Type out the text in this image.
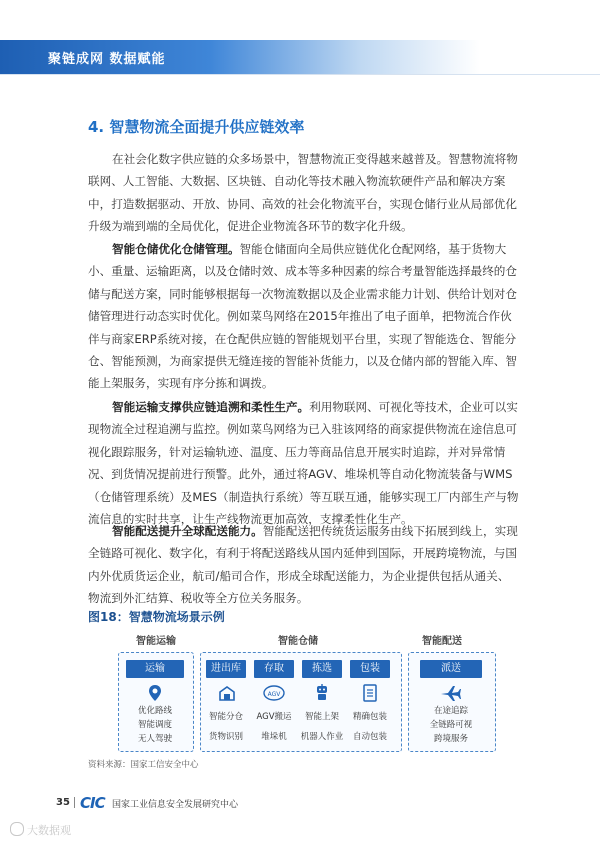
聚链成网 数据赋能
4. 智慧物流全面提升供应链效率
在社会化数字供应链的众多场景中，智慧物流正变得越来越普及。智慧物流将物联网、人工智能、大数据、区块链、自动化等技术融入物流软硬件产品和解决方案中，打造数据驱动、开放、协同、高效的社会化物流平台，实现仓储行业从局部优化升级为端到端的全局优化，促进企业物流各环节的数字化升级。
智能仓储优化仓储管理。智能仓储面向全局供应链优化仓配网络，基于货物大小、重量、运输距离，以及仓储时效、成本等多种因素的综合考量智能选择最终的仓储与配送方案，同时能够根据每一次物流数据以及企业需求能力计划、供给计划对仓储管理进行动态实时优化。例如菜鸟网络在2015年推出了电子面单，把物流合作伙伴与商家ERP系统对接，在仓配供应链的智能规划平台里，实现了智能选仓、智能分仓、智能预测，为商家提供无缝连接的智能补货能力，以及仓储内部的智能入库、智能上架服务，实现有序分拣和调拨。
智能运输支撑供应链追溯和柔性生产。利用物联网、可视化等技术，企业可以实现物流全过程追溯与监控。例如菜鸟网络为已入驻该网络的商家提供物流在途信息可视化跟踪服务，针对运输轨迹、温度、压力等商品信息开展实时追踪，并对异常情况、到货情况提前进行预警。此外，通过将AGV、堆垛机等自动化物流装备与WMS（仓储管理系统）及MES（制造执行系统）等互联互通，能够实现工厂内部生产与物流信息的实时共享，让生产线物流更加高效，支撑柔性化生产。
智能配送提升全球配送能力。智能配送把传统货运服务由线下拓展到线上，实现全链路可视化、数字化，有利于将配送路线从国内延伸到国际，开展跨境物流，与国内外优质货运企业，航司/船司合作，形成全球配送能力，为企业提供包括从通关、物流到外汇结算、税收等全方位关务服务。
图18：智慧物流场景示例
智能运输	智能仓储	智能配送
运输
优化路线
智能调度
无人驾驶
进出库	存取	拣选	包装
AGV
智能分仓	AGV搬运	智能上架	精确包装
货物识别	堆垛机	机器人作业	自动包装
派送
在途追踪
全链路可视
跨境服务
资料来源：国家工信安全中心
35 CIC 国家工业信息安全发展研究中心
大数据观
